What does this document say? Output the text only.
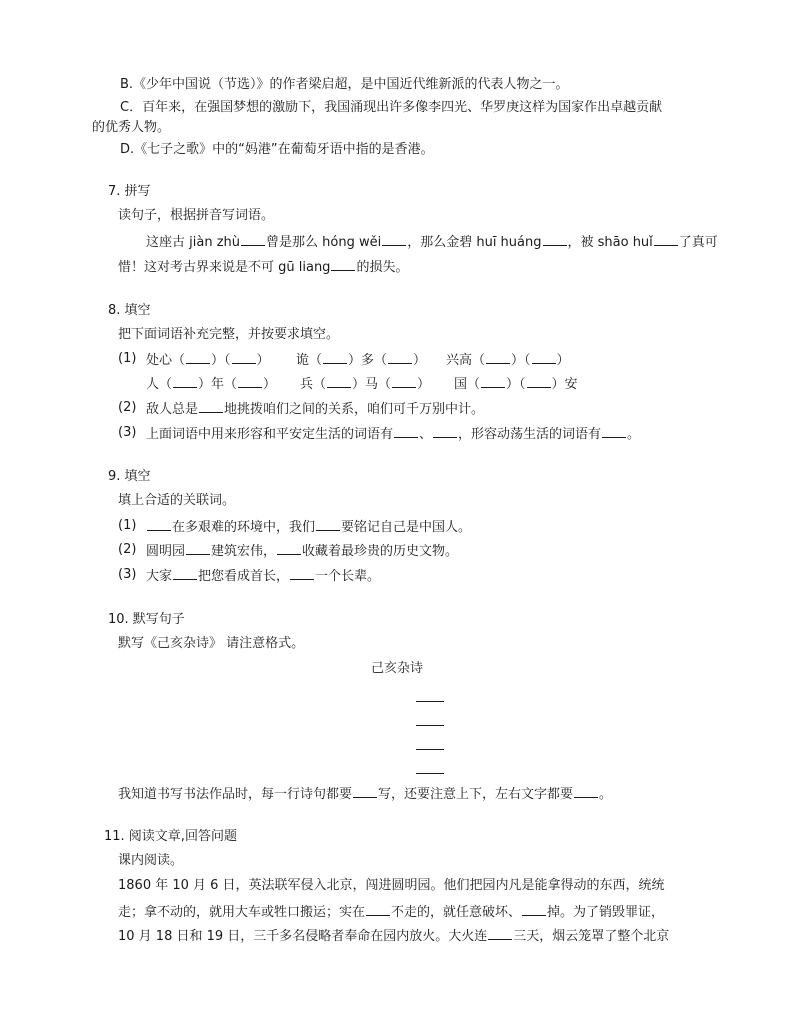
B.《少年中国说（节选）》的作者梁启超，是中国近代维新派的代表人物之一。
C．百年来，在强国梦想的激励下，我国涌现出许多像李四光、华罗庚这样为国家作出卓越贡献
的优秀人物。
D.《七子之歌》中的“妈港”在葡萄牙语中指的是香港。
7. 拼写
读句子，根据拼音写词语。
这座古 jiàn zhù 曾是那么 hóng wěi ，那么金碧 huī huáng ，被 shāo huǐ 了真可
惜！这对考古界来说是不可 gū liang 的损失。
8. 填空
把下面词语补充完整，并按要求填空。
(1) 处心（ ）（ ） 诡（ ）多（ ） 兴高（ ）（ ）
人（ ）年（ ） 兵（ ）马（ ） 国（ ）（ ）安
(2) 敌人总是 地挑拨咱们之间的关系，咱们可千万别中计。
(3) 上面词语中用来形容和平安定生活的词语有 、 ，形容动荡生活的词语有 。
9. 填空
填上合适的关联词。
(1)	在多艰难的环境中，我们 要铭记自己是中国人。
(2) 圆明园 建筑宏伟， 收藏着最珍贵的历史文物。
(3) 大家 把您看成首长， 一个长辈。
10. 默写句子
默写《己亥杂诗》 请注意格式。
己亥杂诗
我知道书写书法作品时，每一行诗句都要 写，还要注意上下，左右文字都要 。
11. 阅读文章,回答问题
课内阅读。
1860 年 10 月 6 日，英法联军侵入北京，闯进圆明园。他们把园内凡是能拿得动的东西，统统
走；拿不动的，就用大车或牲口搬运；实在 不走的，就任意破坏、 掉。为了销毁罪证，
10 月 18 日和 19 日，三千多名侵略者奉命在园内放火。大火连 三天，烟云笼罩了整个北京
